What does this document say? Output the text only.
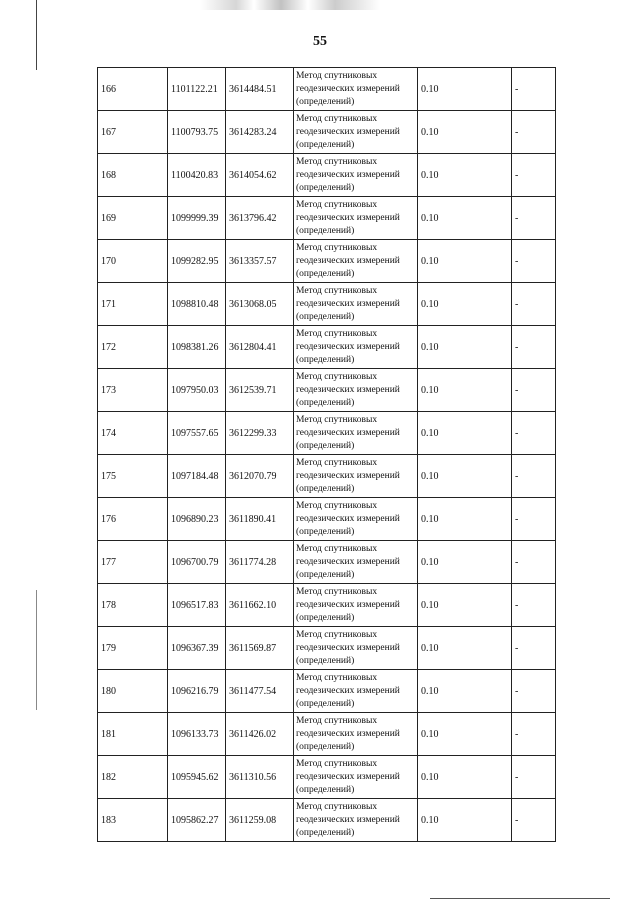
55
166	1101122.21	3614484.51	Метод спутниковых геодезических измерений (определений)	0.10	-
167	1100793.75	3614283.24	Метод спутниковых геодезических измерений (определений)	0.10	-
168	1100420.83	3614054.62	Метод спутниковых геодезических измерений (определений)	0.10	-
169	1099999.39	3613796.42	Метод спутниковых геодезических измерений (определений)	0.10	-
170	1099282.95	3613357.57	Метод спутниковых геодезических измерений (определений)	0.10	-
171	1098810.48	3613068.05	Метод спутниковых геодезических измерений (определений)	0.10	-
172	1098381.26	3612804.41	Метод спутниковых геодезических измерений (определений)	0.10	-
173	1097950.03	3612539.71	Метод спутниковых геодезических измерений (определений)	0.10	-
174	1097557.65	3612299.33	Метод спутниковых геодезических измерений (определений)	0.10	-
175	1097184.48	3612070.79	Метод спутниковых геодезических измерений (определений)	0.10	-
176	1096890.23	3611890.41	Метод спутниковых геодезических измерений (определений)	0.10	-
177	1096700.79	3611774.28	Метод спутниковых геодезических измерений (определений)	0.10	-
178	1096517.83	3611662.10	Метод спутниковых геодезических измерений (определений)	0.10	-
179	1096367.39	3611569.87	Метод спутниковых геодезических измерений (определений)	0.10	-
180	1096216.79	3611477.54	Метод спутниковых геодезических измерений (определений)	0.10	-
181	1096133.73	3611426.02	Метод спутниковых геодезических измерений (определений)	0.10	-
182	1095945.62	3611310.56	Метод спутниковых геодезических измерений (определений)	0.10	-
183	1095862.27	3611259.08	Метод спутниковых геодезических измерений (определений)	0.10	-
